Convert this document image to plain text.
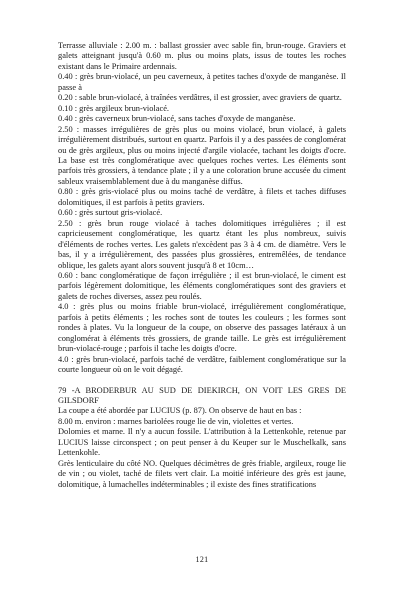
Terrasse alluviale : 2.00 m. : ballast grossier avec sable fin, brun-rouge. Graviers et galets atteignant jusqu'à 0.60 m. plus ou moins plats, issus de toutes les roches existant dans le Primaire ardennais.

0.40 : grès brun-violacé, un peu caverneux, à petites taches d'oxyde de manganèse. Il passe à

0.20 : sable brun-violacé, à traînées verdâtres, il est grossier, avec graviers de quartz.

0.10 : grès argileux brun-violacé.

0.40 : grès caverneux brun-violacé, sans taches d'oxyde de manganèse.

2.50 : masses irrégulières de grès plus ou moins violacé, brun violacé, à galets irrégulièrement distribués, surtout en quartz. Parfois il y a des passées de conglomérat ou de grès argileux, plus ou moins injecté d'argile violacée, tachant les doigts d'ocre. La base est très conglomératique avec quelques roches vertes. Les éléments sont parfois très grossiers, à tendance plate ; il y a une coloration brune accusée du ciment sableux vraisemblablement due à du manganèse diffus.

0.80 : grès gris-violacé plus ou moins taché de verdâtre, à filets et taches diffuses dolomitiques, il est parfois à petits graviers.

0.60 : grès surtout gris-violacé.

2.50 : grès brun rouge violacé à taches dolomitiques irrégulières ; il est capricieusement conglomératique, les quartz étant les plus nombreux, suivis d'éléments de roches vertes. Les galets n'excèdent pas 3 à 4 cm. de diamètre. Vers le bas, il y a irrégulièrement, des passées plus grossières, entremêlées, de tendance oblique, les galets ayant alors souvent jusqu'à 8 et 10cm…

0.60 : banc conglomératique de façon irrégulière ; il est brun-violacé, le ciment est parfois légèrement dolomitique, les éléments conglomératiques sont des graviers et galets de roches diverses, assez peu roulés.

4.0 : grès plus ou moins friable brun-violacé, irrégulièrement conglomératique, parfois à petits éléments ; les roches sont de toutes les couleurs ; les formes sont rondes à plates. Vu la longueur de la coupe, on observe des passages latéraux à un conglomérat à éléments très grossiers, de grande taille. Le grès est irrégulièrement brun-violacé-rouge ; parfois il tache les doigts d'ocre.

4.0 : grès brun-violacé, parfois taché de verdâtre, faiblement conglomératique sur la courte longueur où on le voit dégagé.

79 -A BRODERBUR AU SUD DE DIEKIRCH, ON VOIT LES GRES DE GILSDORF

La coupe a été abordée par LUCIUS (p. 87). On observe de haut en bas :

8.00 m. environ : marnes bariolées rouge lie de vin, violettes et vertes.

Dolomies et marne. Il n'y a aucun fossile. L'attribution à la Lettenkohle, retenue par LUCIUS laisse circonspect ; on peut penser à du Keuper sur le Muschelkalk, sans Lettenkohle.

Grès lenticulaire du côté NO. Quelques décimètres de grès friable, argileux, rouge lie de vin ; ou violet, taché de filets vert clair. La moitié inférieure des grès est jaune, dolomitique, à lumachelles indéterminables ; il existe des fines stratifications

121
